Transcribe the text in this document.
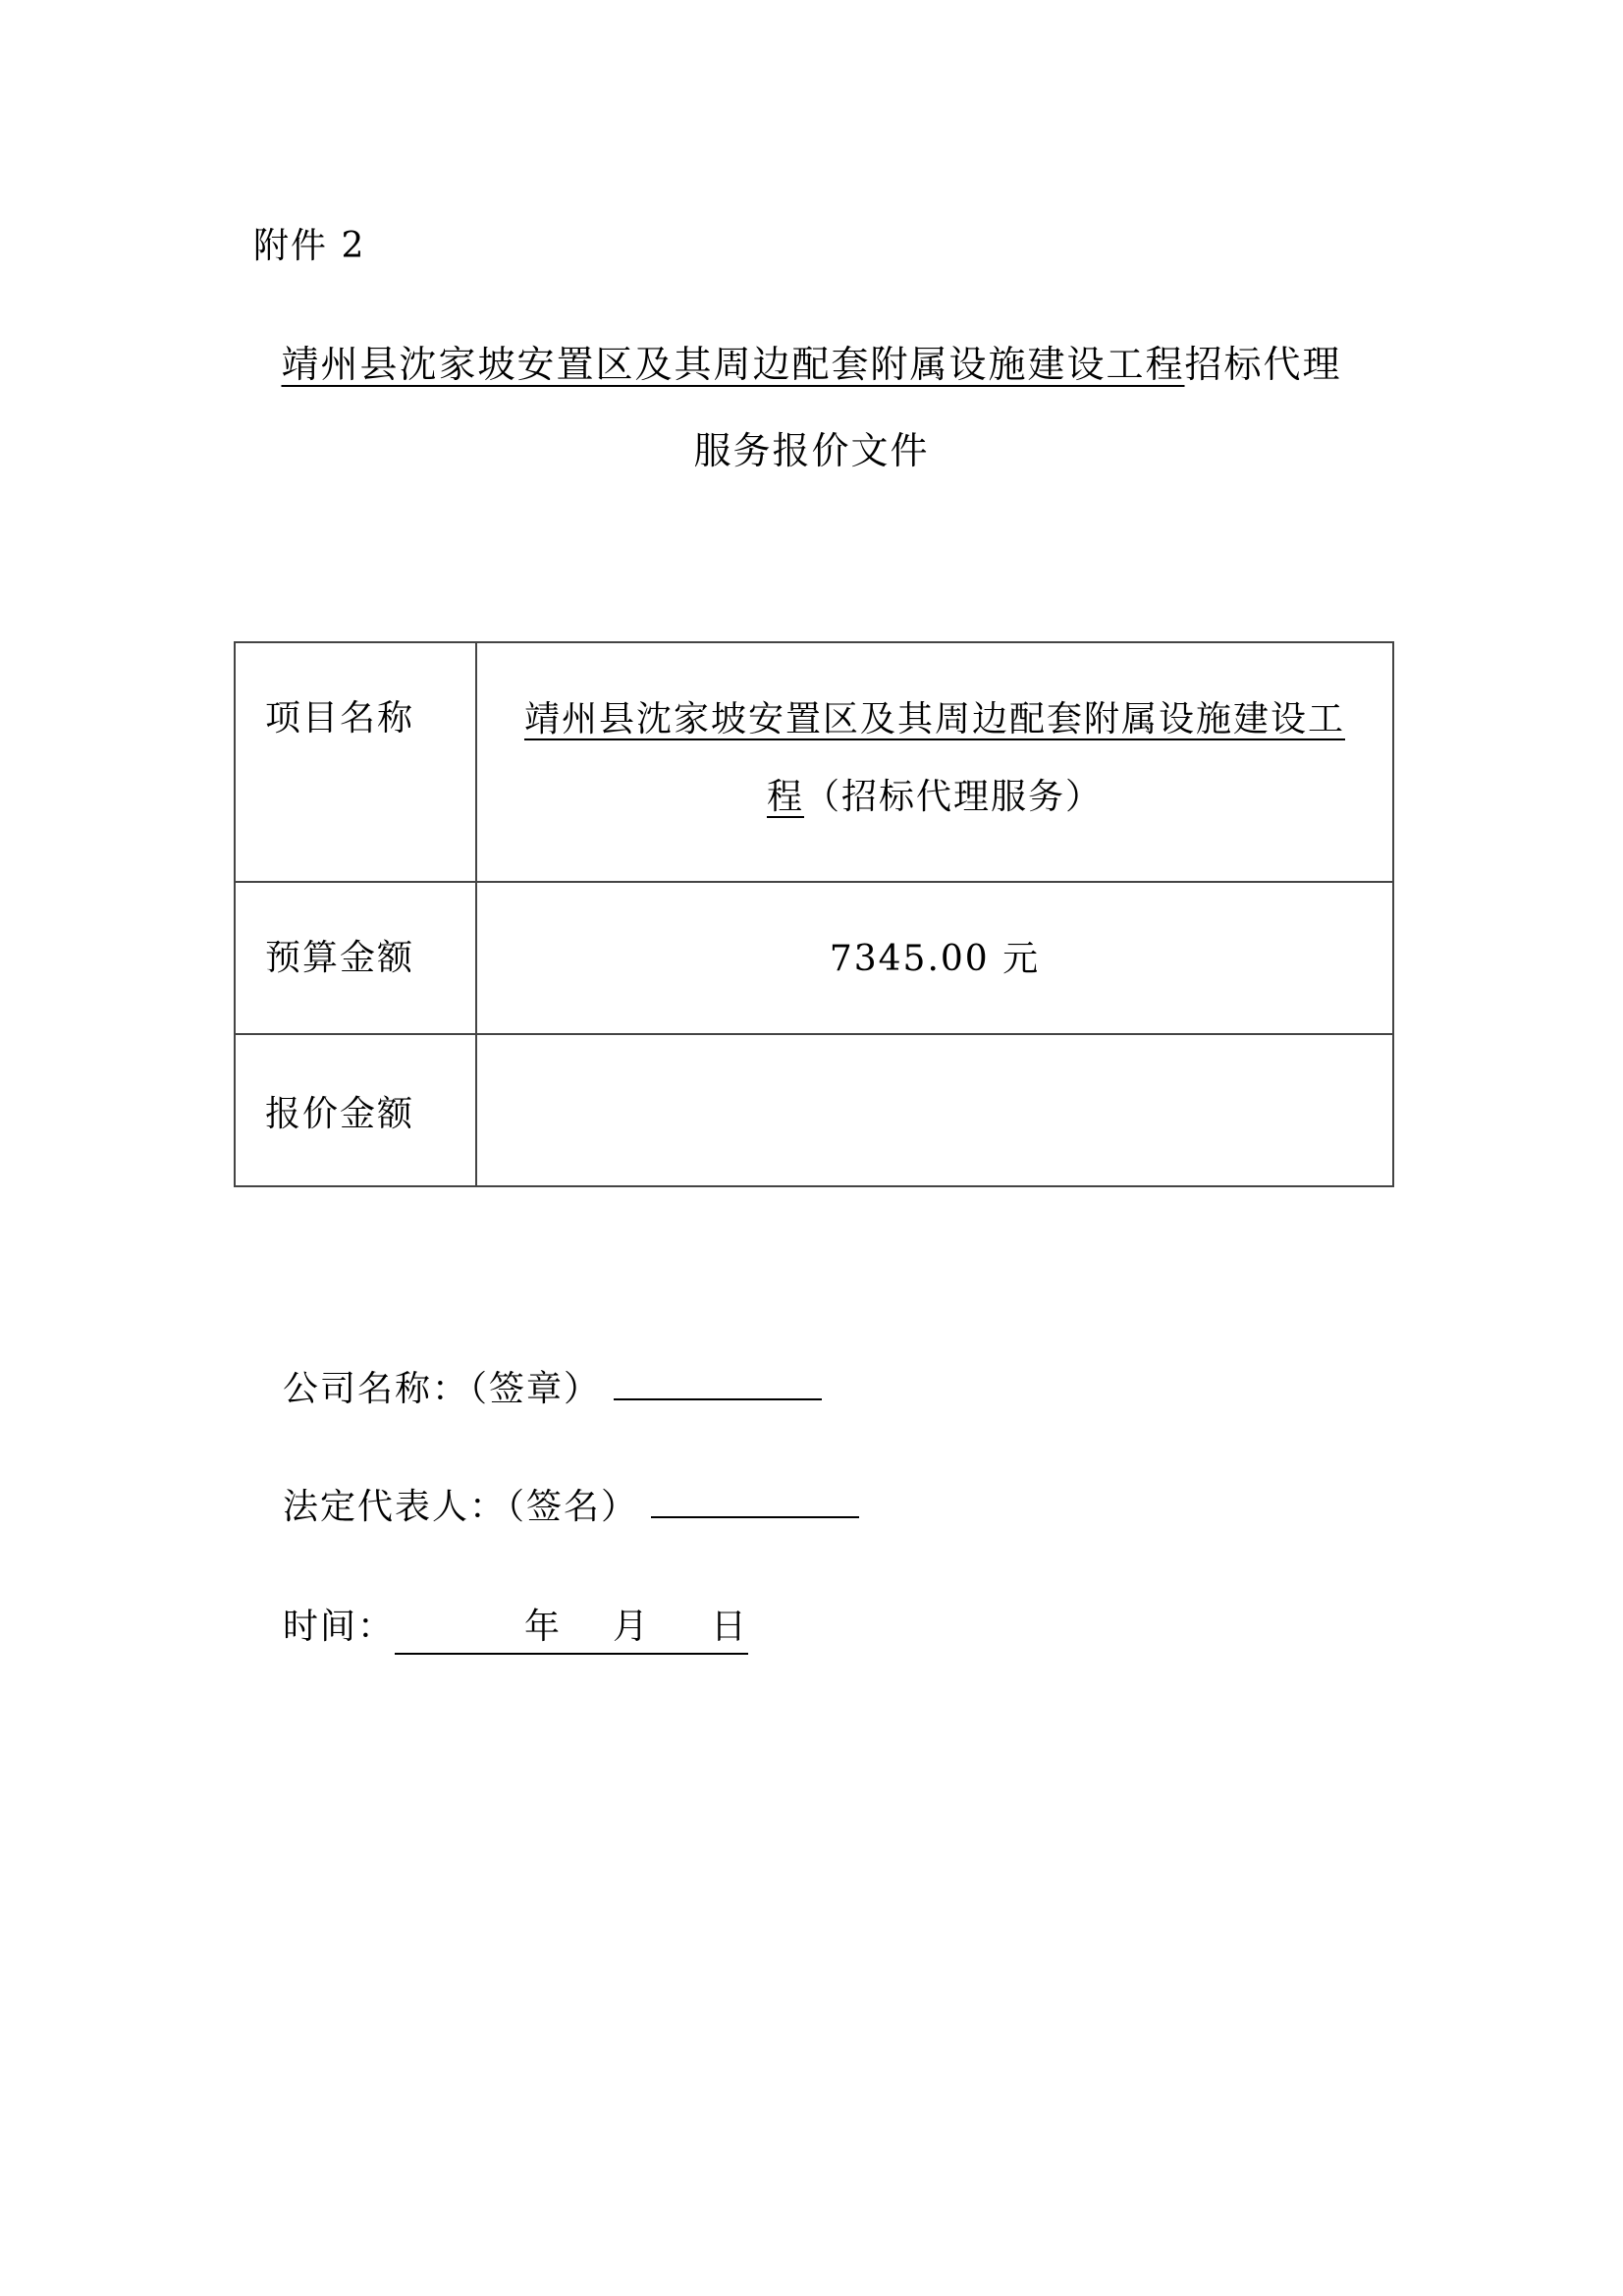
附件 2
靖州县沈家坡安置区及其周边配套附属设施建设工程招标代理
服务报价文件
项目名称	靖州县沈家坡安置区及其周边配套附属设施建设工
程（招标代理服务）

预算金额	7345.00 元

报价金额	
公司名称：（签章）
法定代表人：（签名）
时间：	年 月 日
